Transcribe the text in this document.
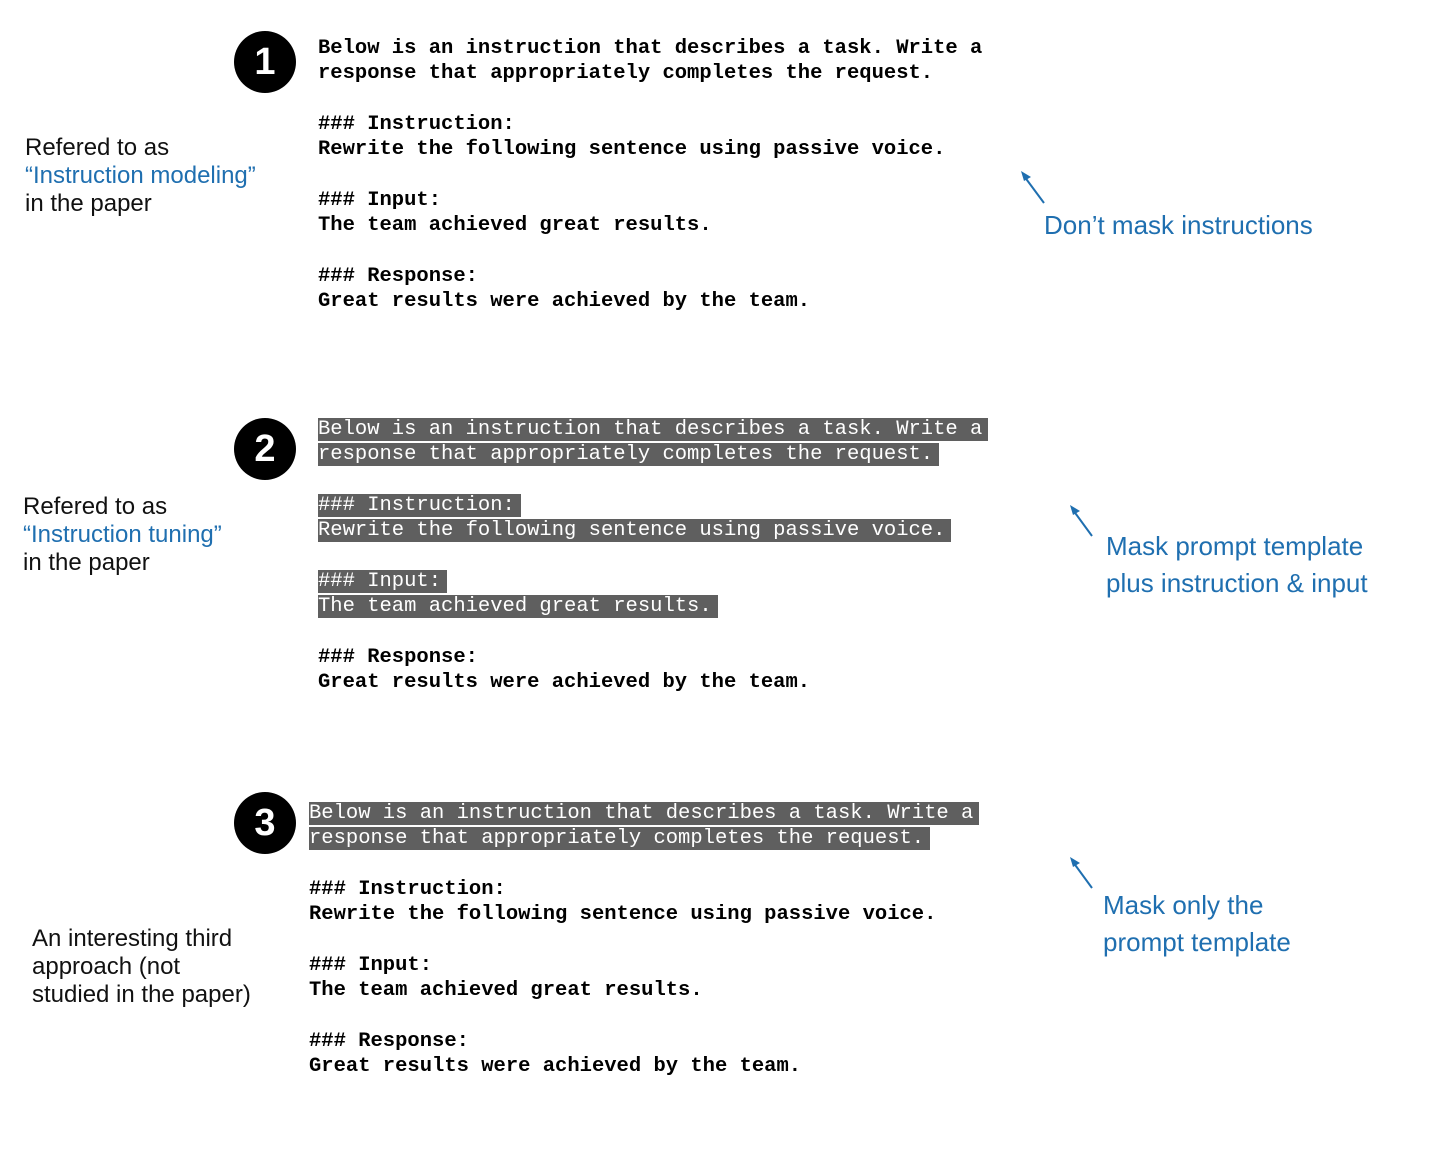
1	Below is an instruction that describes a task. Write a
response that appropriately completes the request.
### Instruction:
Rewrite the following sentence using passive voice.
### Input:
The team achieved great results.
### Response:
Great results were achieved by the team.
Refered to as
“Instruction modeling”
in the paper
Don’t mask instructions
2	Below is an instruction that describes a task. Write a
response that appropriately completes the request.
### Instruction:
Rewrite the following sentence using passive voice.
### Input:
The team achieved great results.
### Response:
Great results were achieved by the team.
Refered to as
“Instruction tuning”
in the paper
Mask prompt template
plus instruction & input
3	Below is an instruction that describes a task. Write a
response that appropriately completes the request.
### Instruction:
Rewrite the following sentence using passive voice.
### Input:
The team achieved great results.
### Response:
Great results were achieved by the team.
An interesting third
approach (not
studied in the paper)
Mask only the
prompt template
